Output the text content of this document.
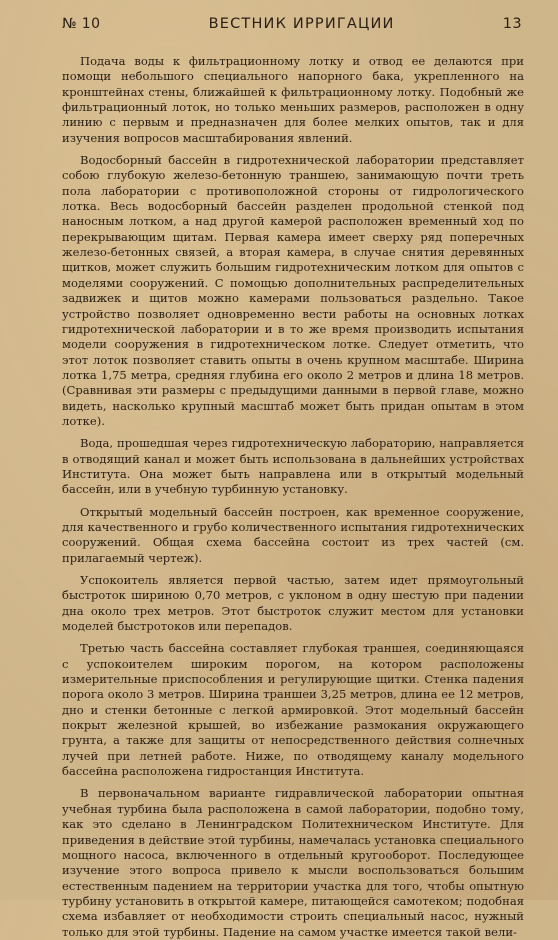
№ 10	ВЕСТНИК ИРРИГАЦИИ	13

Подача воды к фильтрационному лотку и отвод ее делаются при помощи небольшого специального напорного бака, укрепленного на кронштейнах стены, ближайшей к фильтрационному лотку. Подобный же фильтрационный лоток, но только меньших размеров, расположен в одну линию с первым и предназначен для более мелких опытов, так и для изучения вопросов масштабирования явлений.

Водосборный бассейн в гидротехнической лаборатории представляет собою глубокую железо-бетонную траншею, занимающую почти треть пола лаборатории с противоположной стороны от гидрологического лотка. Весь водосборный бассейн разделен продольной стенкой под наносным лотком, а над другой камерой расположен временный ход по перекрывающим щитам. Первая камера имеет сверху ряд поперечных железо-бетонных связей, а вторая камера, в случае снятия деревянных щитков, может служить большим гидротехническим лотком для опытов с моделями сооружений. С помощью дополнительных распределительных задвижек и щитов можно камерами пользоваться раздельно. Такое устройство позволяет одновременно вести работы на основных лотках гидротехнической лаборатории и в то же время производить испытания модели сооружения в гидротехническом лотке. Следует отметить, что этот лоток позволяет ставить опыты в очень крупном масштабе. Ширина лотка 1,75 метра, средняя глубина его около 2 метров и длина 18 метров. (Сравнивая эти размеры с предыдущими данными в первой главе, можно видеть, насколько крупный масштаб может быть придан опытам в этом лотке).

Вода, прошедшая через гидротехническую лабораторию, направляется в отводящий канал и может быть использована в дальнейших устройствах Института. Она может быть направлена или в открытый модельный бассейн, или в учебную турбинную установку.

Открытый модельный бассейн построен, как временное сооружение, для качественного и грубо количественного испытания гидротехнических сооружений. Общая схема бассейна состоит из трех частей (см. прилагаемый чертеж).

Успокоитель является первой частью, затем идет прямоугольный быстроток шириною 0,70 метров, с уклоном в одну шестую при падении дна около трех метров. Этот быстроток служит местом для установки моделей быстротоков или перепадов.

Третью часть бассейна составляет глубокая траншея, соединяющаяся с успокоителем широким порогом, на котором расположены измерительные приспособления и регулирующие щитки. Стенка падения порога около 3 метров. Ширина траншеи 3,25 метров, длина ее 12 метров, дно и стенки бетонные с легкой армировкой. Этот модельный бассейн покрыт железной крышей, во избежание размокания окружающего грунта, а также для защиты от непосредственного действия солнечных лучей при летней работе. Ниже, по отводящему каналу модельного бассейна расположена гидростанция Института.

В первоначальном варианте гидравлической лаборатории опытная учебная турбина была расположена в самой лаборатории, подобно тому, как это сделано в Ленинградском Политехническом Институте. Для приведения в действие этой турбины, намечалась установка специального мощного насоса, включенного в отдельный кругооборот. Последующее изучение этого вопроса привело к мысли воспользоваться большим естественным падением на территории участка для того, чтобы опытную турбину установить в открытой камере, питающейся самотеком; подобная схема избавляет от необходимости строить специальный насос, нужный только для этой турбины. Падение на самом участке имеется такой вели-
